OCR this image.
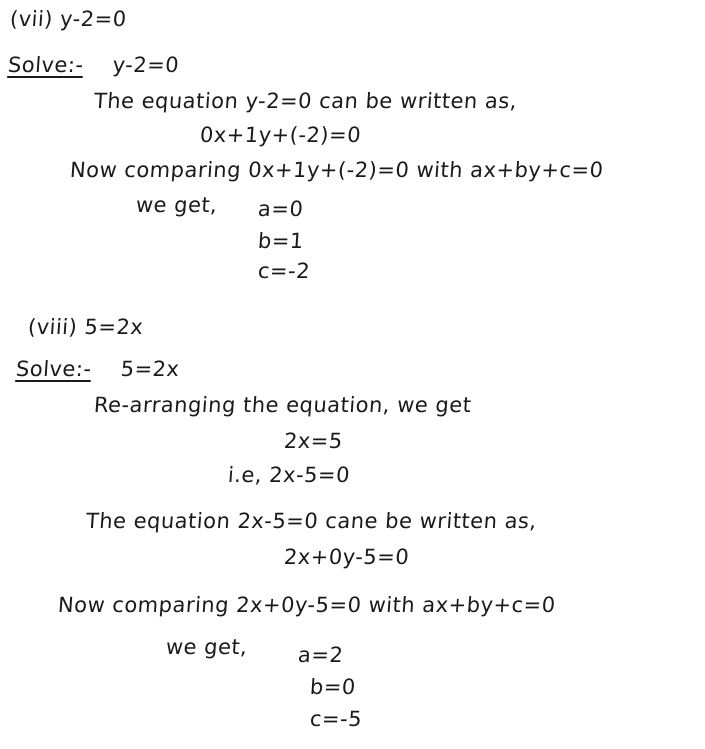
(vii) y-2=0
Solve:- y-2=0
The equation y-2=0 can be written as,
0x+1y+(-2)=0
Now comparing 0x+1y+(-2)=0 with ax+by+c=0
we get, a=0
b=1
c=-2
(viii) 5=2x
Solve:- 5=2x
Re-arranging the equation, we get
2x=5
i.e, 2x-5=0
The equation 2x-5=0 cane be written as,
2x+0y-5=0
Now comparing 2x+0y-5=0 with ax+by+c=0
we get, a=2
b=0
c=-5
